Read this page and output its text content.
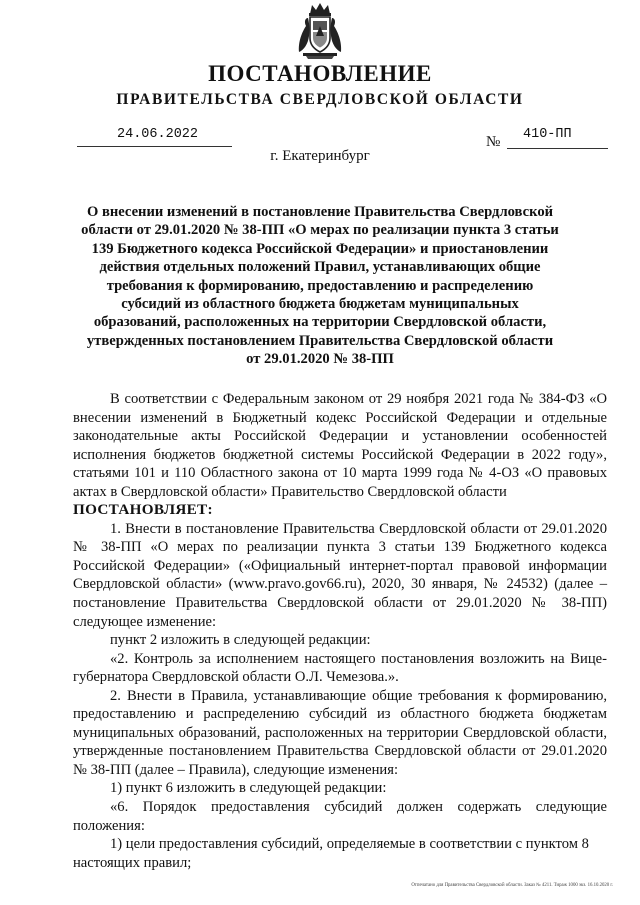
ПОСТАНОВЛЕНИЕ
ПРАВИТЕЛЬСТВА СВЕРДЛОВСКОЙ ОБЛАСТИ
24.06.2022	№ 410-ПП
г. Екатеринбург
О внесении изменений в постановление Правительства Свердловской области от 29.01.2020 № 38-ПП «О мерах по реализации пункта 3 статьи 139 Бюджетного кодекса Российской Федерации» и приостановлении действия отдельных положений Правил, устанавливающих общие требования к формированию, предоставлению и распределению субсидий из областного бюджета бюджетам муниципальных образований, расположенных на территории Свердловской области, утвержденных постановлением Правительства Свердловской области от 29.01.2020 № 38-ПП

В соответствии с Федеральным законом от 29 ноября 2021 года № 384-ФЗ «О внесении изменений в Бюджетный кодекс Российской Федерации и отдельные законодательные акты Российской Федерации и установлении особенностей исполнения бюджетов бюджетной системы Российской Федерации в 2022 году», статьями 101 и 110 Областного закона от 10 марта 1999 года № 4-ОЗ «О правовых актах в Свердловской области» Правительство Свердловской области

ПОСТАНОВЛЯЕТ:

1. Внести в постановление Правительства Свердловской области от 29.01.2020 № 38-ПП «О мерах по реализации пункта 3 статьи 139 Бюджетного кодекса Российской Федерации» («Официальный интернет-портал правовой информации Свердловской области» (www.pravo.gov66.ru), 2020, 30 января, № 24532) (далее – постановление Правительства Свердловской области от 29.01.2020 № 38-ПП) следующее изменение:

пункт 2 изложить в следующей редакции:

«2. Контроль за исполнением настоящего постановления возложить на Вице-губернатора Свердловской области О.Л. Чемезова.».

2. Внести в Правила, устанавливающие общие требования к формированию, предоставлению и распределению субсидий из областного бюджета бюджетам муниципальных образований, расположенных на территории Свердловской области, утвержденные постановлением Правительства Свердловской области от 29.01.2020 № 38-ПП (далее – Правила), следующие изменения:

1) пункт 6 изложить в следующей редакции:

«6. Порядок предоставления субсидий должен содержать следующие положения:

1) цели предоставления субсидий, определяемые в соответствии с пунктом 8 настоящих правил;

Отпечатано для Правительства Свердловской области. Заказ № 4211. Тираж 1000 экз. 16.10.2020 г.
